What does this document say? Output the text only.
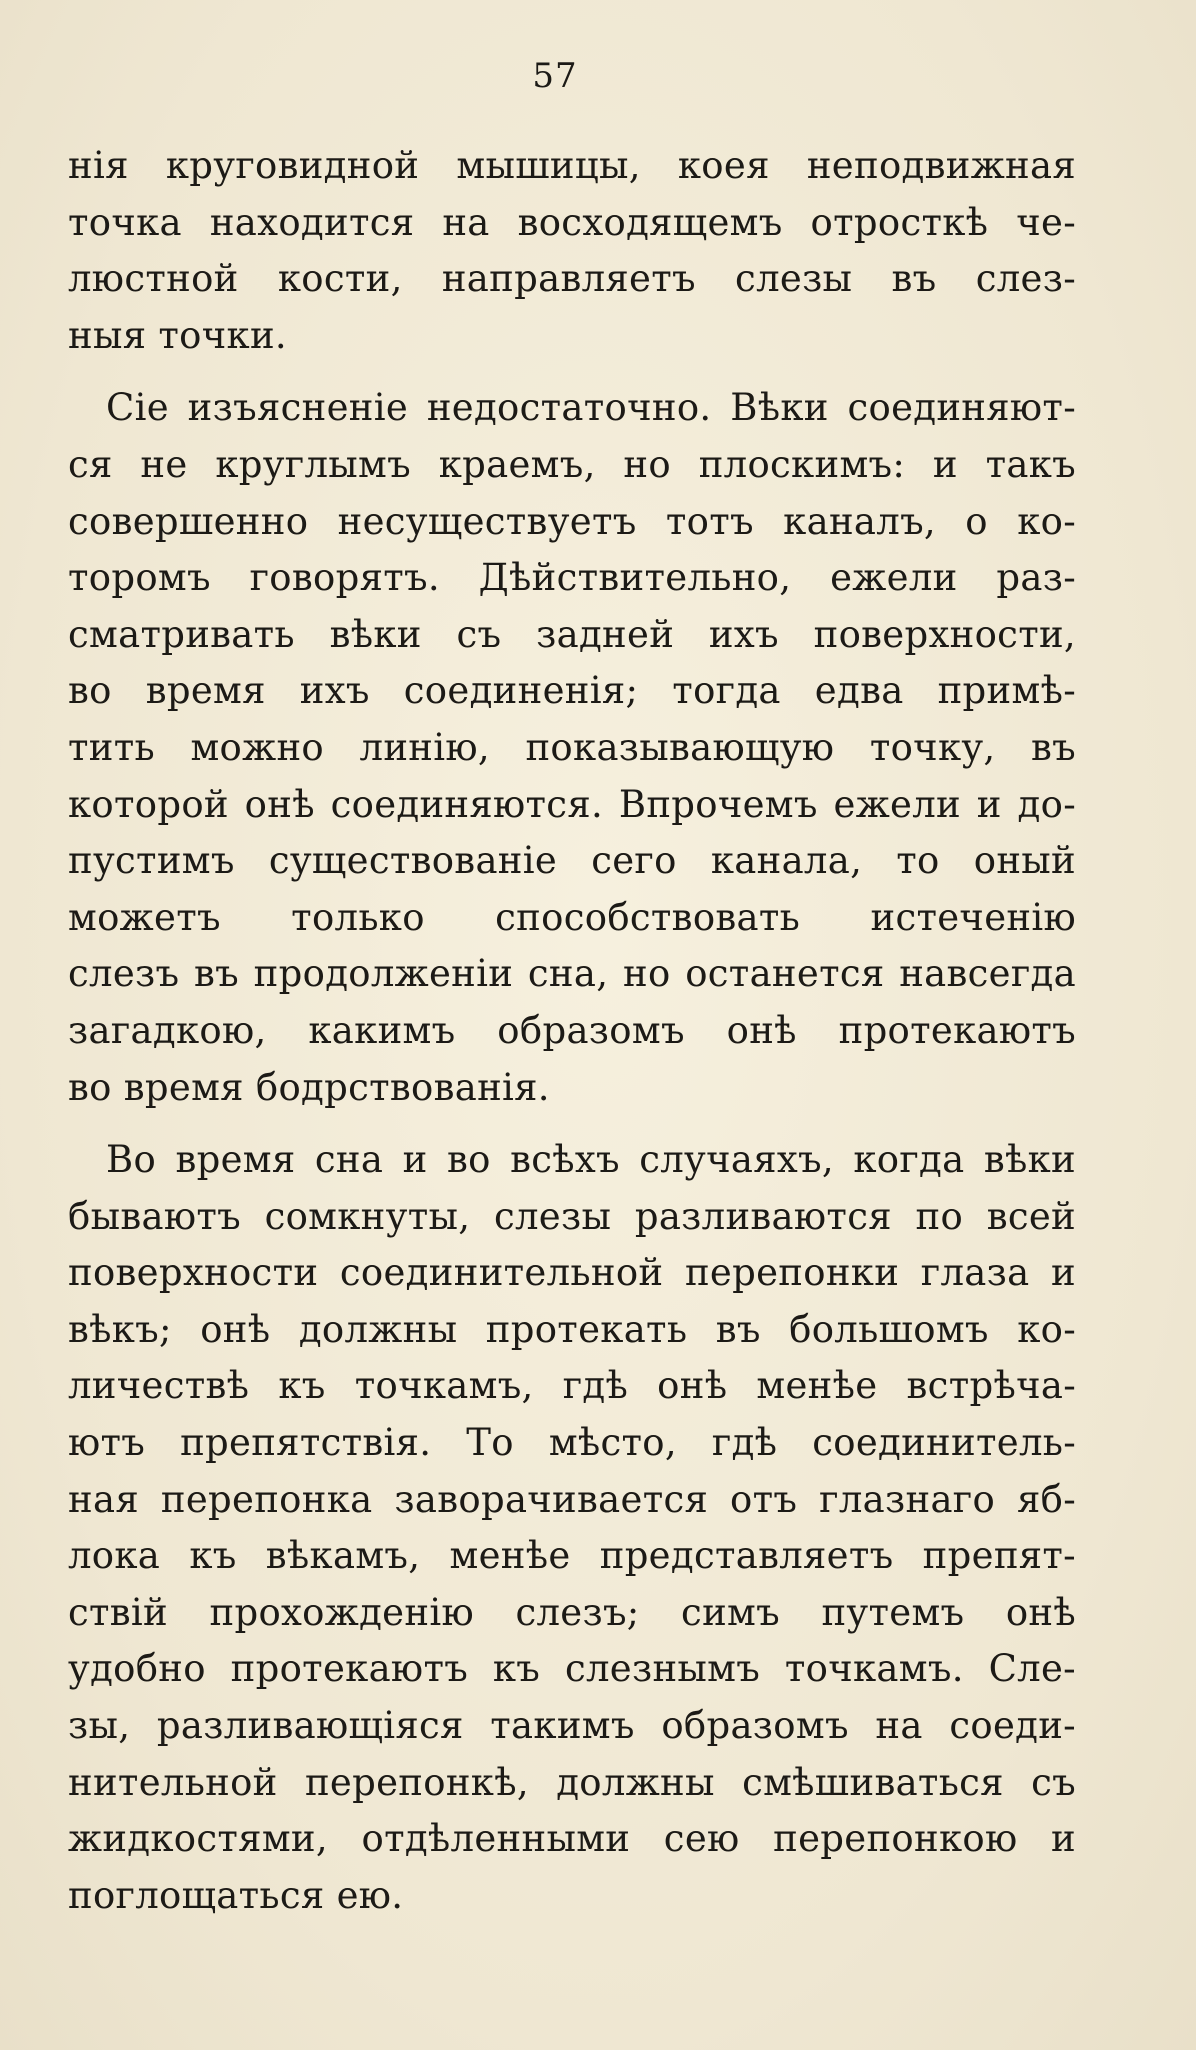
57
нія круговидной мышицы, коея неподвижная
точка находится на восходящемъ отросткѣ че-
люстной кости, направляетъ слезы въ слез-
ныя точки.
Сіе изъясненіе недостаточно. Вѣки соединяют-
ся не круглымъ краемъ, но плоскимъ: и такъ
совершенно несуществуетъ тотъ каналъ, о ко-
торомъ говорятъ. Дѣйствительно, ежели раз-
сматривать вѣки съ задней ихъ поверхности,
во время ихъ соединенія; тогда едва примѣ-
тить можно линію, показывающую точку, въ
которой онѣ соединяются. Впрочемъ ежели и до-
пустимъ существованіе сего канала, то оный
можетъ только способствовать истеченію
слезъ въ продолженіи сна, но останется навсегда
загадкою, какимъ образомъ онѣ протекаютъ
во время бодрствованія.
Во время сна и во всѣхъ случаяхъ, когда вѣки
бываютъ сомкнуты, слезы разливаются по всей
поверхности соединительной перепонки глаза и
вѣкъ; онѣ должны протекать въ большомъ ко-
личествѣ къ точкамъ, гдѣ онѣ менѣе встрѣча-
ютъ препятствія. То мѣсто, гдѣ соединитель-
ная перепонка заворачивается отъ глазнаго яб-
лока къ вѣкамъ, менѣе представляетъ препят-
ствій прохожденію слезъ; симъ путемъ онѣ
удобно протекаютъ къ слезнымъ точкамъ. Сле-
зы, разливающіяся такимъ образомъ на соеди-
нительной перепонкѣ, должны смѣшиваться съ
жидкостями, отдѣленными сею перепонкою и
поглощаться ею.
